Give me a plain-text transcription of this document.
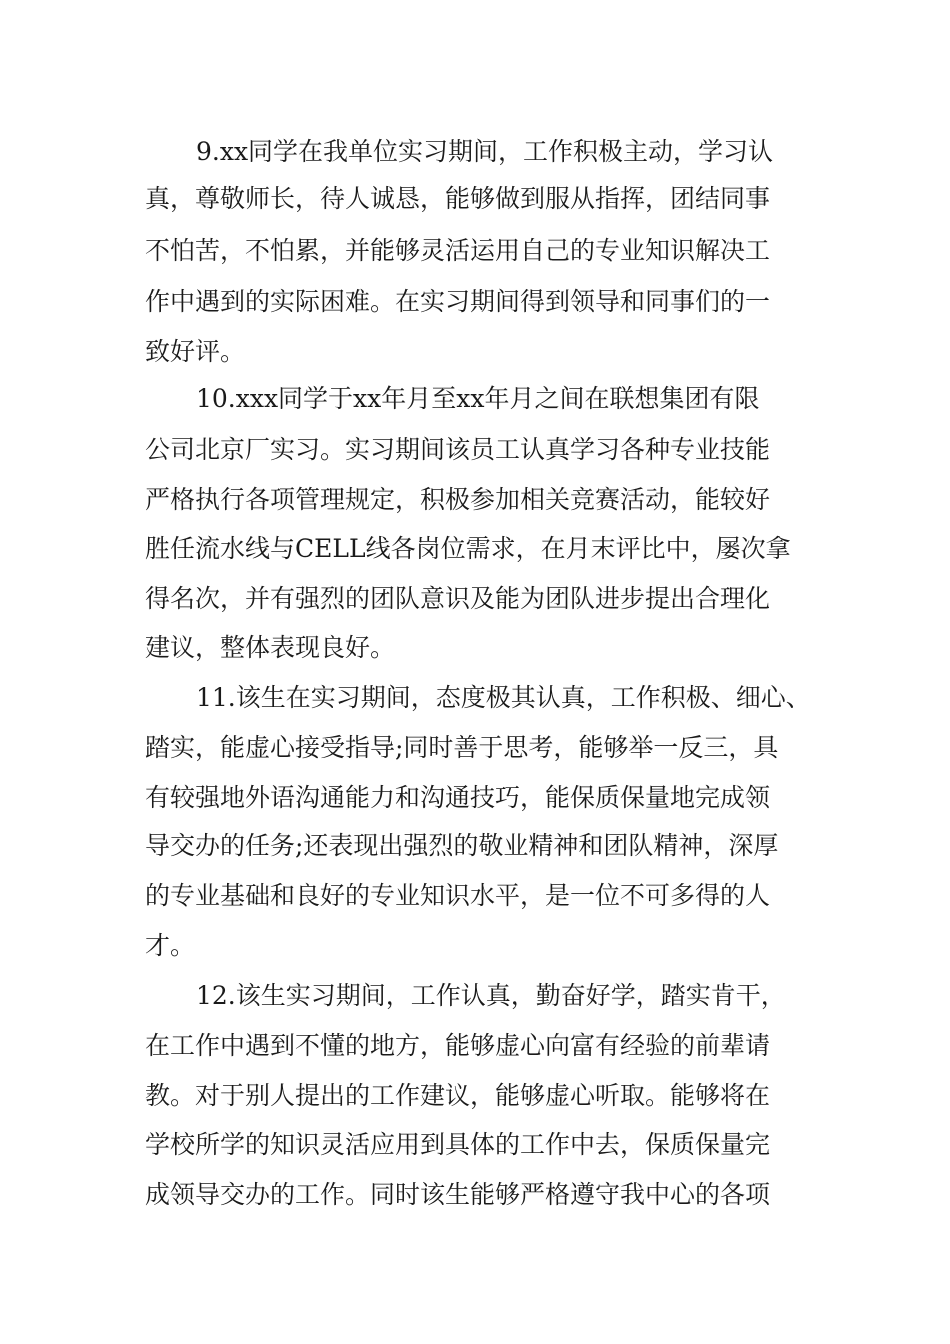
9.xx同学在我单位实习期间，工作积极主动，学习认
真，尊敬师长，待人诚恳，能够做到服从指挥，团结同事
不怕苦，不怕累，并能够灵活运用自己的专业知识解决工
作中遇到的实际困难。在实习期间得到领导和同事们的一
致好评。
10.xxx同学于xx年月至xx年月之间在联想集团有限
公司北京厂实习。实习期间该员工认真学习各种专业技能
严格执行各项管理规定，积极参加相关竞赛活动，能较好
胜任流水线与CELL线各岗位需求，在月末评比中，屡次拿
得名次，并有强烈的团队意识及能为团队进步提出合理化
建议，整体表现良好。
11.该生在实习期间，态度极其认真，工作积极、细心、
踏实，能虚心接受指导;同时善于思考，能够举一反三，具
有较强地外语沟通能力和沟通技巧，能保质保量地完成领
导交办的任务;还表现出强烈的敬业精神和团队精神，深厚
的专业基础和良好的专业知识水平，是一位不可多得的人
才。
12.该生实习期间，工作认真，勤奋好学，踏实肯干，
在工作中遇到不懂的地方，能够虚心向富有经验的前辈请
教。对于别人提出的工作建议，能够虚心听取。能够将在
学校所学的知识灵活应用到具体的工作中去，保质保量完
成领导交办的工作。同时该生能够严格遵守我中心的各项
